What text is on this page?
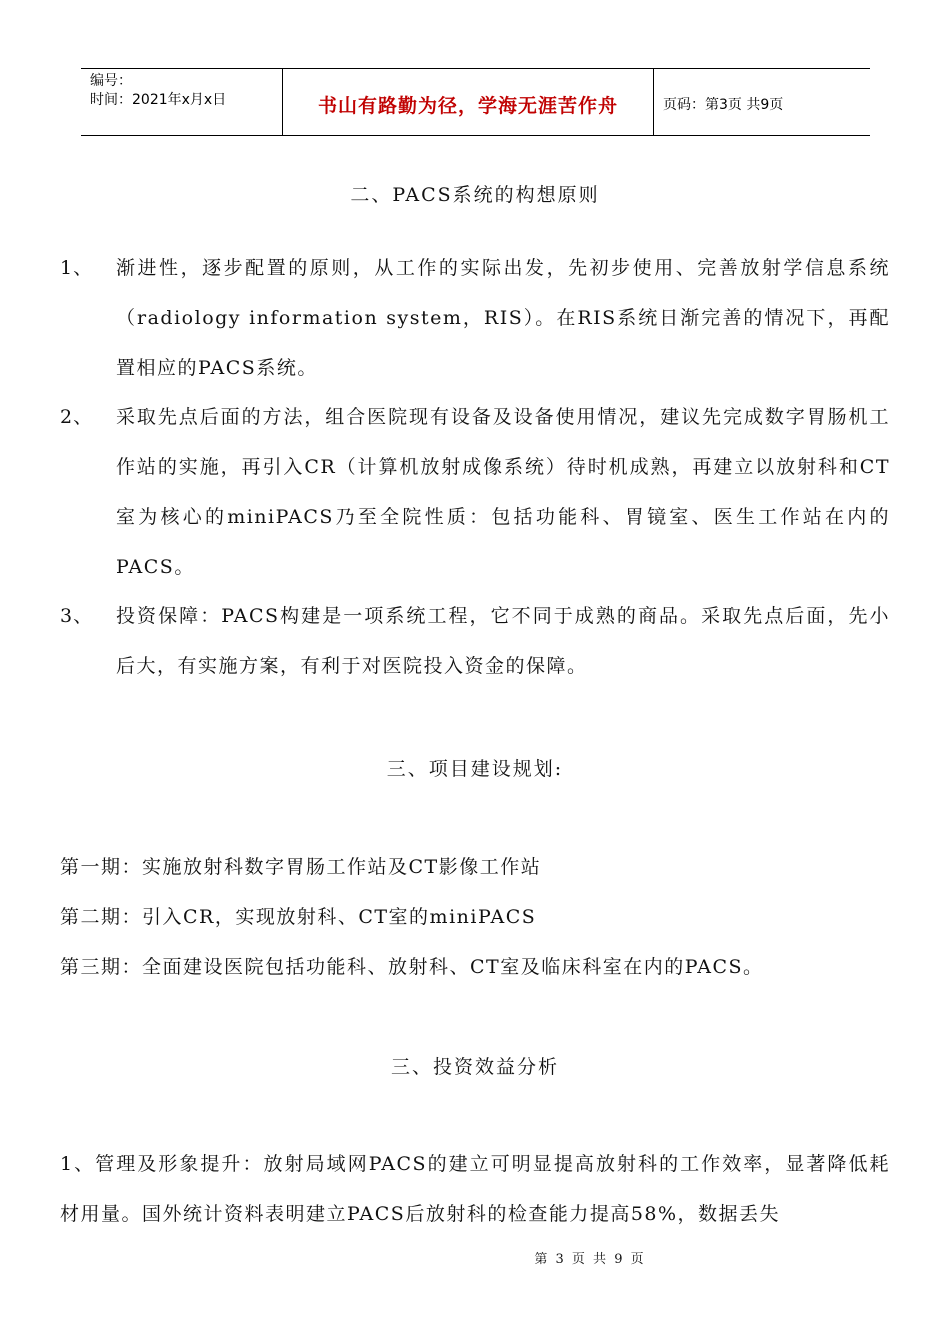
编号：
时间：2021年x月x日	书山有路勤为径，学海无涯苦作舟	页码：第3页 共9页
二、PACS系统的构想原则
1、 渐进性，逐步配置的原则，从工作的实际出发，先初步使用、完善放射学信息系统（radiology information system，RIS）。在RIS系统日渐完善的情况下，再配置相应的PACS系统。
2、 采取先点后面的方法，组合医院现有设备及设备使用情况，建议先完成数字胃肠机工作站的实施，再引入CR（计算机放射成像系统）待时机成熟，再建立以放射科和CT室为核心的miniPACS乃至全院性质：包括功能科、胃镜室、医生工作站在内的PACS。
3、 投资保障：PACS构建是一项系统工程，它不同于成熟的商品。采取先点后面，先小后大，有实施方案，有利于对医院投入资金的保障。
三、项目建设规划:
第一期：实施放射科数字胃肠工作站及CT影像工作站
第二期：引入CR，实现放射科、CT室的miniPACS
第三期：全面建设医院包括功能科、放射科、CT室及临床科室在内的PACS。
三、投资效益分析
1、管理及形象提升：放射局域网PACS的建立可明显提高放射科的工作效率，显著降低耗材用量。国外统计资料表明建立PACS后放射科的检查能力提高58%，数据丢失
第 3 页 共 9 页
